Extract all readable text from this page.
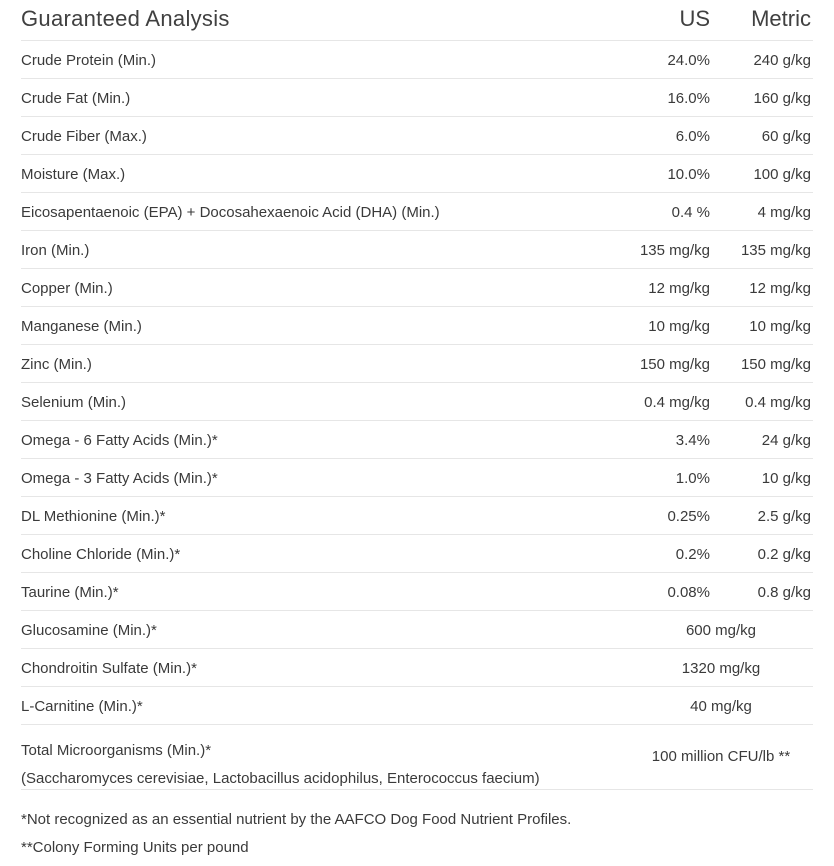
Guaranteed Analysis	US Metric
Crude Protein (Min.)	24.0%	240 g/kg
Crude Fat (Min.)	16.0%	160 g/kg
Crude Fiber (Max.)	6.0%	60 g/kg
Moisture (Max.)	10.0%	100 g/kg
Eicosapentaenoic (EPA) + Docosahexaenoic Acid (DHA) (Min.)	0.4 %	4 mg/kg
Iron (Min.)	135 mg/kg 135 mg/kg
Copper (Min.)	12 mg/kg	12 mg/kg
Manganese (Min.)	10 mg/kg	10 mg/kg
Zinc (Min.)	150 mg/kg 150 mg/kg
Selenium (Min.)	0.4 mg/kg 0.4 mg/kg
Omega - 6 Fatty Acids (Min.)*	3.4%	24 g/kg
Omega - 3 Fatty Acids (Min.)*	1.0%	10 g/kg
DL Methionine (Min.)*	0.25%	2.5 g/kg
Choline Chloride (Min.)*	0.2%	0.2 g/kg
Taurine (Min.)*	0.08%	0.8 g/kg
Glucosamine (Min.)*	600 mg/kg
Chondroitin Sulfate (Min.)*	1320 mg/kg
L-Carnitine (Min.)*	40 mg/kg
Total Microorganisms (Min.)*
(Saccharomyces cerevisiae, Lactobacillus acidophilus, Enterococcus faecium)
100 million CFU/lb **
*Not recognized as an essential nutrient by the AAFCO Dog Food Nutrient Profiles.
**Colony Forming Units per pound
